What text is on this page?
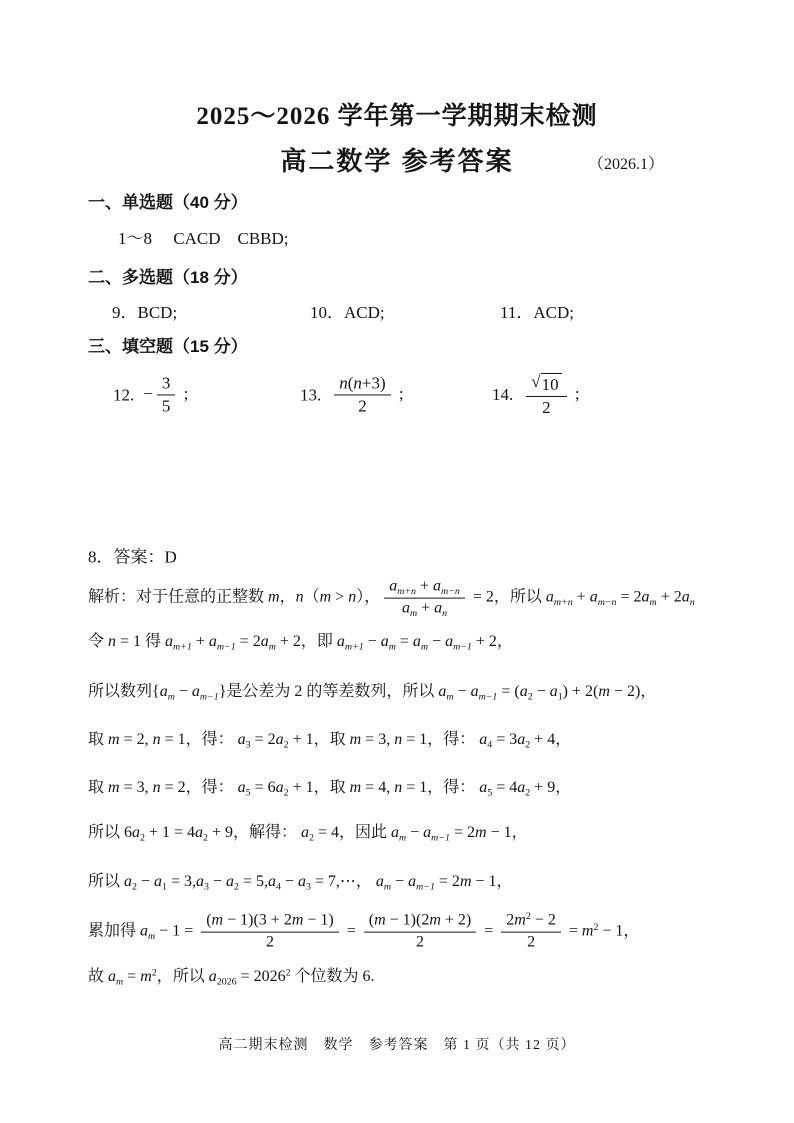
2025～2026 学年第一学期期末检测
高二数学 参考答案	（2026.1）
一、单选题（40 分）
1～8　 CACD　CBBD;
二、多选题（18 分）
9．BCD;	10．ACD;	11．ACD;
三、填空题（15 分）
12. − $\frac{3}{5}$ ;	13. $\frac{n(n+3)}{2}$ ;	14. $\frac{√ 10}{2}$ ;
8．答案：D
解析：对于任意的正整数 m，n（m > n）， $\frac{a_{m+n} + a_{m-n}}{a_m + a_n} = 2$，所以 $a_{m+n} + a_{m-n} = 2a_m + 2a_n$
令 n = 1 得 $a_{m+1} + a_{m-1} = 2a_m + 2$，即 $a_{m+1} - a_m = a_m - a_{m-1} + 2$，
所以数列$\{a_m - a_{m-1}\}$是公差为 2 的等差数列，所以 $a_m - a_{m-1} = (a_2 - a_1) + 2(m - 2)$，
取 m = 2, n = 1，得： $a_3 = 2a_2 + 1$，取 m = 3, n = 1，得： $a_4 = 3a_2 + 4$，
取 m = 3, n = 2，得： $a_5 = 6a_2 + 1$，取 m = 4, n = 1，得： $a_5 = 4a_2 + 9$，
所以 $6a_2 + 1 = 4a_2 + 9$，解得： $a_2 = 4$，因此 $a_m - a_{m-1} = 2m - 1$，
所以 $a_2 - a_1 = 3,a_3 - a_2 = 5,a_4 - a_3$ = 7,⋯， $a_m - a_{m-1} = 2m - 1$，
累加得 $a_m - 1 = \frac{(m - 1)(3 + 2m - 1)}{2} = \frac{(m - 1)(2m + 2)}{2} = \frac{2m^2 - 2}{2} = m^2 - 1$，
故 $a_m = m^2$，所以 $a_{2026} = 2026^2$ 个位数为 6.
高二期末检测　数学　参考答案　第 1 页（共 12 页）
